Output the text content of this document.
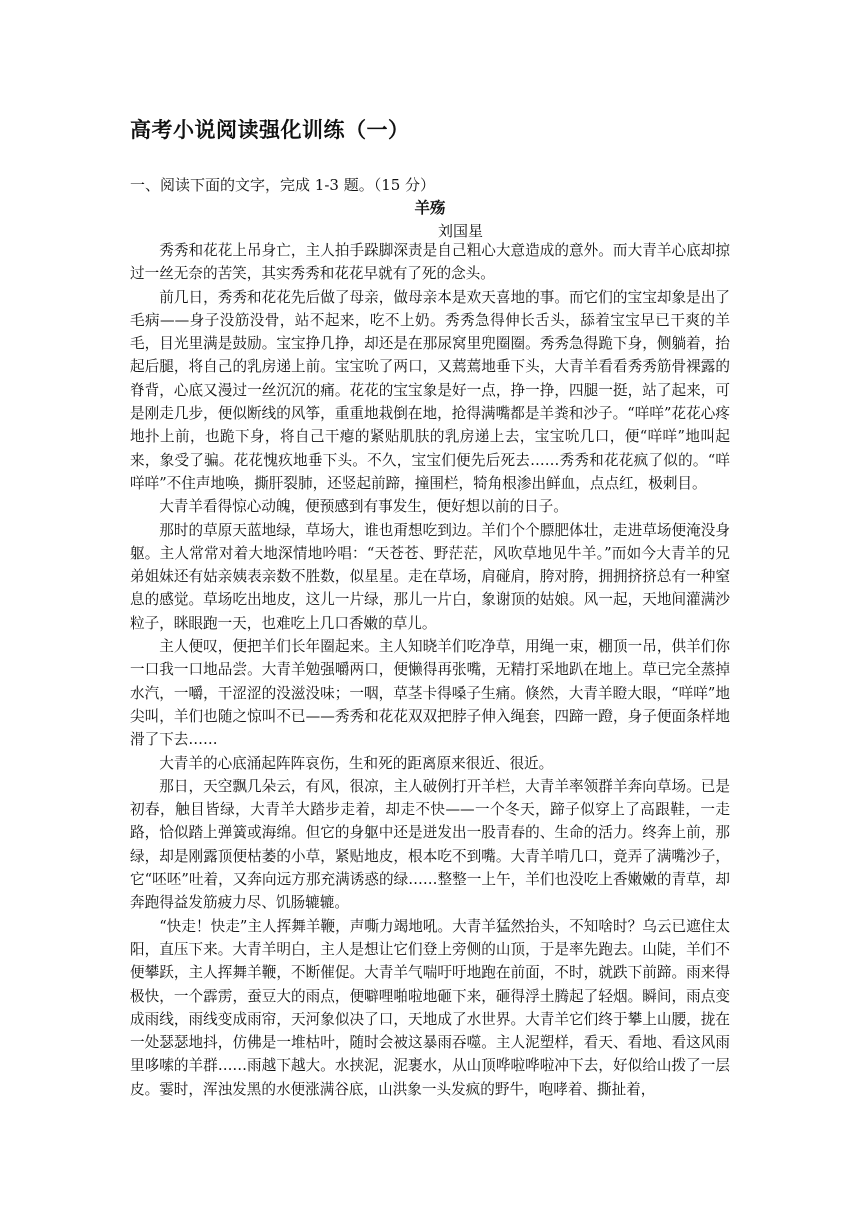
高考小说阅读强化训练（一）

一、阅读下面的文字，完成 1-3 题。（15 分）

羊殇

刘国星

秀秀和花花上吊身亡，主人拍手跺脚深责是自己粗心大意造成的意外。而大青羊心底却掠过一丝无奈的苦笑，其实秀秀和花花早就有了死的念头。

前几日，秀秀和花花先后做了母亲，做母亲本是欢天喜地的事。而它们的宝宝却象是出了毛病——身子没筋没骨，站不起来，吃不上奶。秀秀急得伸长舌头，舔着宝宝早已干爽的羊毛，目光里满是鼓励。宝宝挣几挣，却还是在那尿窝里兜圈圈。秀秀急得跪下身，侧躺着，抬起后腿，将自己的乳房递上前。宝宝吮了两口，又蔫蔫地垂下头，大青羊看看秀秀筋骨裸露的脊背，心底又漫过一丝沉沉的痛。花花的宝宝象是好一点，挣一挣，四腿一挺，站了起来，可是刚走几步，便似断线的风筝，重重地栽倒在地，抢得满嘴都是羊粪和沙子。“咩咩”花花心疼地扑上前，也跪下身，将自己干瘪的紧贴肌肤的乳房递上去，宝宝吮几口，便“咩咩”地叫起来，象受了骗。花花愧疚地垂下头。不久，宝宝们便先后死去……秀秀和花花疯了似的。“咩咩咩”不住声地唤，撕肝裂肺，还竖起前蹄，撞围栏，犄角根渗出鲜血，点点红，极刺目。

大青羊看得惊心动魄，便预感到有事发生，便好想以前的日子。

那时的草原天蓝地绿，草场大，谁也甭想吃到边。羊们个个膘肥体壮，走进草场便淹没身躯。主人常常对着大地深情地吟唱：“天苍苍、野茫茫，风吹草地见牛羊。”而如今大青羊的兄弟姐妹还有姑亲姨表亲数不胜数，似星星。走在草场，肩碰肩，胯对胯，拥拥挤挤总有一种窒息的感觉。草场吃出地皮，这儿一片绿，那儿一片白，象谢顶的姑娘。风一起，天地间灌满沙粒子，眯眼跑一天，也难吃上几口香嫩的草儿。

主人便叹，便把羊们长年圈起来。主人知晓羊们吃净草，用绳一束，棚顶一吊，供羊们你一口我一口地品尝。大青羊勉强嚼两口，便懒得再张嘴，无精打采地趴在地上。草已完全蒸掉水汽，一嚼，干涩涩的没滋没味；一咽，草茎卡得嗓子生痛。倏然，大青羊瞪大眼，“咩咩”地尖叫，羊们也随之惊叫不已——秀秀和花花双双把脖子伸入绳套，四蹄一蹬，身子便面条样地滑了下去……

大青羊的心底涌起阵阵哀伤，生和死的距离原来很近、很近。

那日，天空飘几朵云，有风，很凉，主人破例打开羊栏，大青羊率领群羊奔向草场。已是初春，触目皆绿，大青羊大踏步走着，却走不快——一个冬天，蹄子似穿上了高跟鞋，一走路，恰似踏上弹簧或海绵。但它的身躯中还是迸发出一股青春的、生命的活力。终奔上前，那绿，却是刚露顶便枯萎的小草，紧贴地皮，根本吃不到嘴。大青羊啃几口，竟弄了满嘴沙子，它“呸呸”吐着，又奔向远方那充满诱惑的绿……整整一上午，羊们也没吃上香嫩嫩的青草，却奔跑得益发筋疲力尽、饥肠辘辘。

“快走！快走”主人挥舞羊鞭，声嘶力竭地吼。大青羊猛然抬头，不知啥时？乌云已遮住太阳，直压下来。大青羊明白，主人是想让它们登上旁侧的山顶，于是率先跑去。山陡，羊们不便攀跃，主人挥舞羊鞭，不断催促。大青羊气喘吁吁地跑在前面，不时，就跌下前蹄。雨来得极快，一个霹雳，蚕豆大的雨点，便噼哩啪啦地砸下来，砸得浮土腾起了轻烟。瞬间，雨点变成雨线，雨线变成雨帘，天河象似决了口，天地成了水世界。大青羊它们终于攀上山腰，拢在一处瑟瑟地抖，仿佛是一堆枯叶，随时会被这暴雨吞噬。主人泥塑样，看天、看地、看这风雨里哆嗦的羊群……雨越下越大。水挟泥，泥裹水，从山顶哗啦哗啦冲下去，好似给山拨了一层皮。霎时，浑浊发黑的水便涨满谷底，山洪象一头发疯的野牛，咆哮着、撕扯着，
